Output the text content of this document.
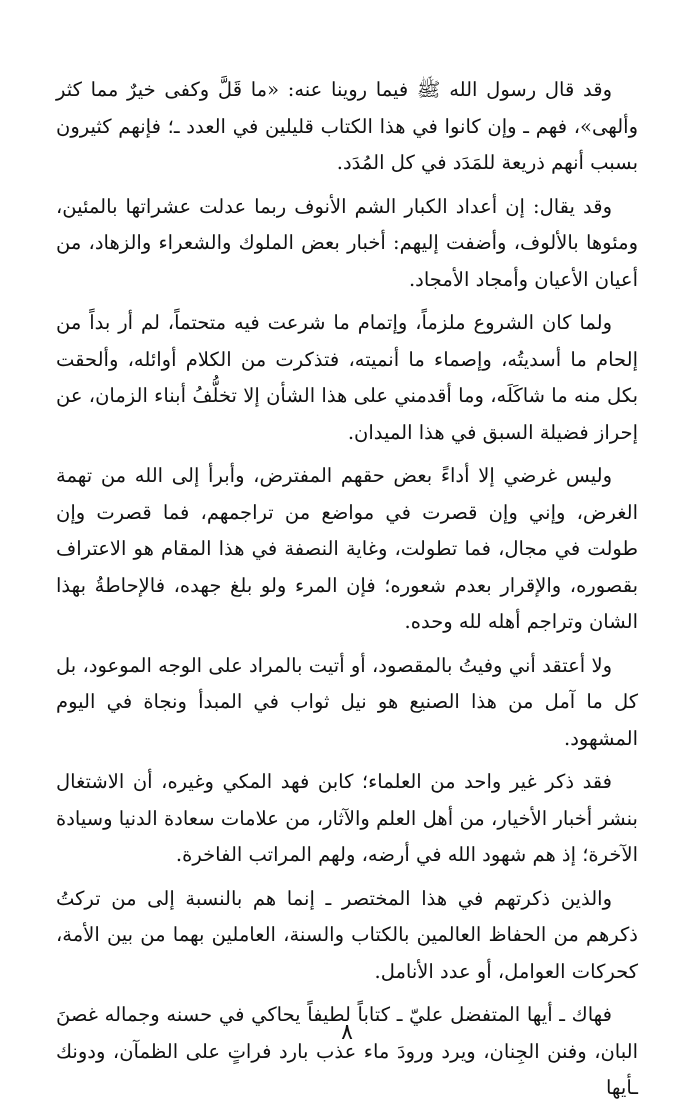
وقد قال رسول الله ﷺ فيما روينا عنه: «ما قَلَّ وكفى خيرٌ مما كثر وألهى»، فهم ـ وإن كانوا في هذا الكتاب قليلين في العدد ـ؛ فإنهم كثيرون بسبب أنهم ذريعة للمَدَد في كل المُدَد.

وقد يقال: إن أعداد الكبار الشم الأنوف ربما عدلت عشراتها بالمئين، ومئوها بالألوف، وأضفت إليهم: أخبار بعض الملوك والشعراء والزهاد، من أعيان الأعيان وأمجاد الأمجاد.

ولما كان الشروع ملزماً، وإتمام ما شرعت فيه متحتماً، لم أر بداً من إلحام ما أسديتُه، وإصماء ما أنميته، فتذكرت من الكلام أوائله، وألحقت بكل منه ما شاكَلَه، وما أقدمني على هذا الشأن إلا تخلُّفُ أبناء الزمان، عن إحراز فضيلة السبق في هذا الميدان.

وليس غرضي إلا أداءً بعض حقهم المفترض، وأبرأ إلى الله من تهمة الغرض، وإني وإن قصرت في مواضع من تراجمهم، فما قصرت وإن طولت في مجال، فما تطولت، وغاية النصفة في هذا المقام هو الاعتراف بقصوره، والإقرار بعدم شعوره؛ فإن المرء ولو بلغ جهده، فالإحاطةُ بهذا الشان وتراجم أهله لله وحده.

ولا أعتقد أني وفيتُ بالمقصود، أو أتيت بالمراد على الوجه الموعود، بل كل ما آمل من هذا الصنيع هو نيل ثواب في المبدأ ونجاة في اليوم المشهود.

فقد ذكر غير واحد من العلماء؛ كابن فهد المكي وغيره، أن الاشتغال بنشر أخبار الأخيار، من أهل العلم والآثار، من علامات سعادة الدنيا وسيادة الآخرة؛ إذ هم شهود الله في أرضه، ولهم المراتب الفاخرة.

والذين ذكرتهم في هذا المختصر ـ إنما هم بالنسبة إلى من تركتُ ذكرهم من الحفاظ العالمين بالكتاب والسنة، العاملين بهما من بين الأمة، كحركات العوامل، أو عدد الأنامل.

فهاك ـ أيها المتفضل عليّ ـ كتاباً لطيفاً يحاكي في حسنه وجماله غصنَ البان، وفنن الجِنان، ويرد ورودَ ماء عذب بارد فراتٍ على الظمآن، ودونك ـأيها

٨
